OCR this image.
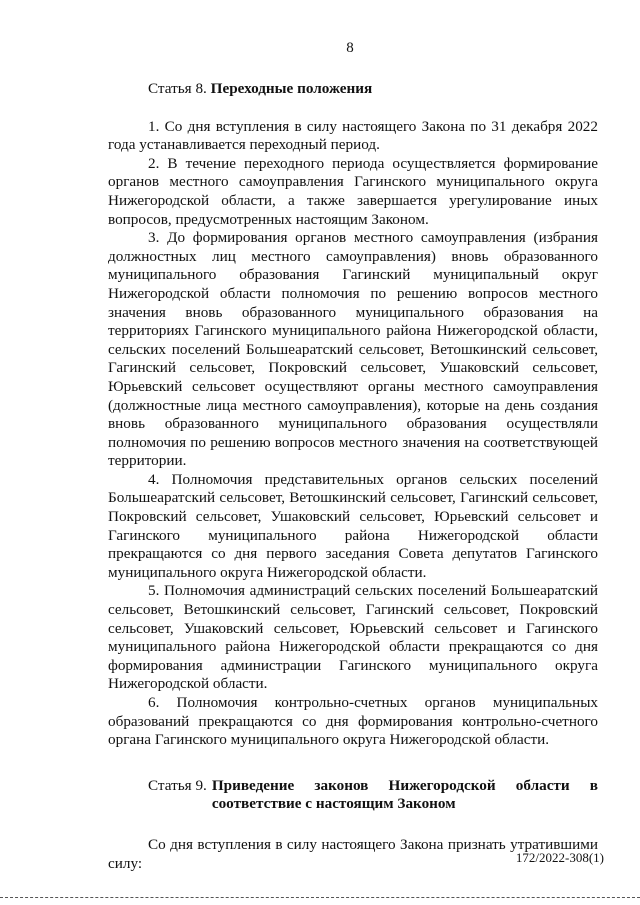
8
Статья 8. Переходные положения

1. Со дня вступления в силу настоящего Закона по 31 декабря 2022 года устанавливается переходный период.

2. В течение переходного периода осуществляется формирование органов местного самоуправления Гагинского муниципального округа Нижегородской области, а также завершается урегулирование иных вопросов, предусмотренных настоящим Законом.

3. До формирования органов местного самоуправления (избрания должностных лиц местного самоуправления) вновь образованного муниципального образования Гагинский муниципальный округ Нижегородской области полномочия по решению вопросов местного значения вновь образованного муниципального образования на территориях Гагинского муниципального района Нижегородской области, сельских поселений Большеаратский сельсовет, Ветошкинский сельсовет, Гагинский сельсовет, Покровский сельсовет, Ушаковский сельсовет, Юрьевский сельсовет осуществляют органы местного самоуправления (должностные лица местного самоуправления), которые на день создания вновь образованного муниципального образования осуществляли полномочия по решению вопросов местного значения на соответствующей территории.

4. Полномочия представительных органов сельских поселений Большеаратский сельсовет, Ветошкинский сельсовет, Гагинский сельсовет, Покровский сельсовет, Ушаковский сельсовет, Юрьевский сельсовет и Гагинского муниципального района Нижегородской области прекращаются со дня первого заседания Совета депутатов Гагинского муниципального округа Нижегородской области.

5. Полномочия администраций сельских поселений Большеаратский сельсовет, Ветошкинский сельсовет, Гагинский сельсовет, Покровский сельсовет, Ушаковский сельсовет, Юрьевский сельсовет и Гагинского муниципального района Нижегородской области прекращаются со дня формирования администрации Гагинского муниципального округа Нижегородской области.

6. Полномочия контрольно-счетных органов муниципальных образований прекращаются со дня формирования контрольно-счетного органа Гагинского муниципального округа Нижегородской области.

Статья 9. Приведение законов Нижегородской области в
соответствие с настоящим Законом

Со дня вступления в силу настоящего Закона признать утратившими силу:	172/2022-308(1)
